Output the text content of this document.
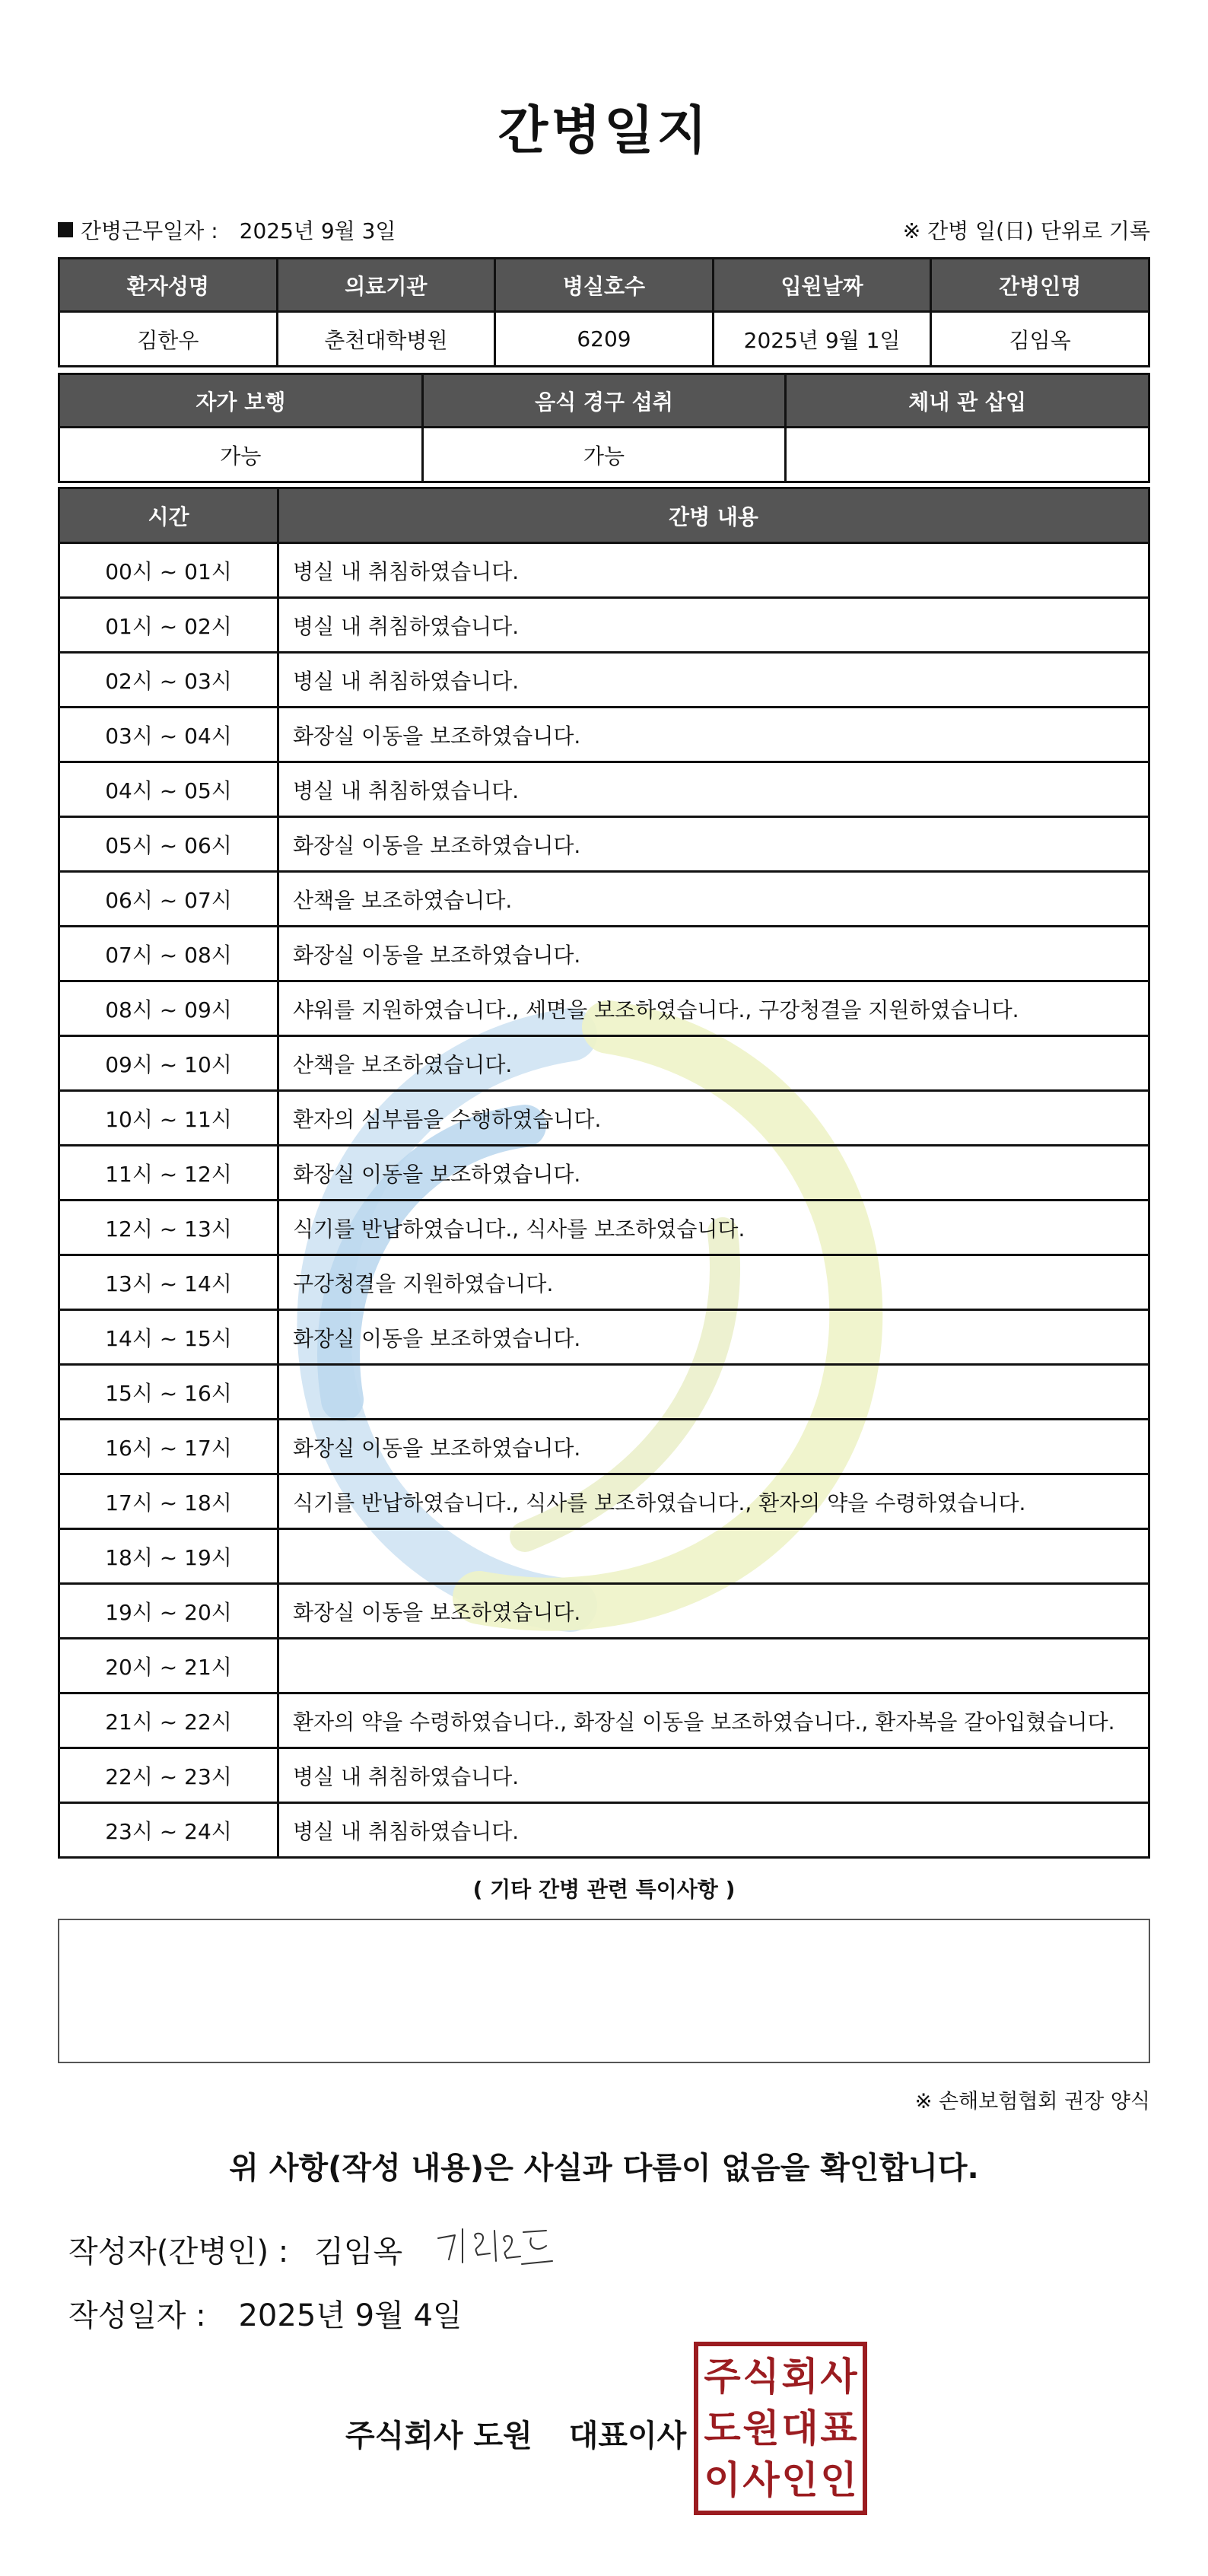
간병일지
간병근무일자 : 2025년 9월 3일	※ 간병 일(日) 단위로 기록
환자성명	의료기관	병실호수	입원날짜	간병인명
김한우	춘천대학병원	6209	2025년 9월 1일	김임옥
자가 보행	음식 경구 섭취	체내 관 삽입
가능	가능	
시간	간병 내용
00시 ~ 01시	병실 내 취침하였습니다.
01시 ~ 02시	병실 내 취침하였습니다.
02시 ~ 03시	병실 내 취침하였습니다.
03시 ~ 04시	화장실 이동을 보조하였습니다.
04시 ~ 05시	병실 내 취침하였습니다.
05시 ~ 06시	화장실 이동을 보조하였습니다.
06시 ~ 07시	산책을 보조하였습니다.
07시 ~ 08시	화장실 이동을 보조하였습니다.
08시 ~ 09시	샤워를 지원하였습니다., 세면을 보조하였습니다., 구강청결을 지원하였습니다.
09시 ~ 10시	산책을 보조하였습니다.
10시 ~ 11시	환자의 심부름을 수행하였습니다.
11시 ~ 12시	화장실 이동을 보조하였습니다.
12시 ~ 13시	식기를 반납하였습니다., 식사를 보조하였습니다.
13시 ~ 14시	구강청결을 지원하였습니다.
14시 ~ 15시	화장실 이동을 보조하였습니다.
15시 ~ 16시	
16시 ~ 17시	화장실 이동을 보조하였습니다.
17시 ~ 18시	식기를 반납하였습니다., 식사를 보조하였습니다., 환자의 약을 수령하였습니다.
18시 ~ 19시	
19시 ~ 20시	화장실 이동을 보조하였습니다.
20시 ~ 21시	
21시 ~ 22시	환자의 약을 수령하였습니다., 화장실 이동을 보조하였습니다., 환자복을 갈아입혔습니다.
22시 ~ 23시	병실 내 취침하였습니다.
23시 ~ 24시	병실 내 취침하였습니다.
( 기타 간병 관련 특이사항 )
※ 손해보험협회 권장 양식
위 사항(작성 내용)은 사실과 다름이 없음을 확인합니다.
작성자(간병인) : 김임옥
작성일자 : 2025년 9월 4일
주식회사 도원 대표이사
주 식 회 사
도 원 대 표
이 사 인 인
